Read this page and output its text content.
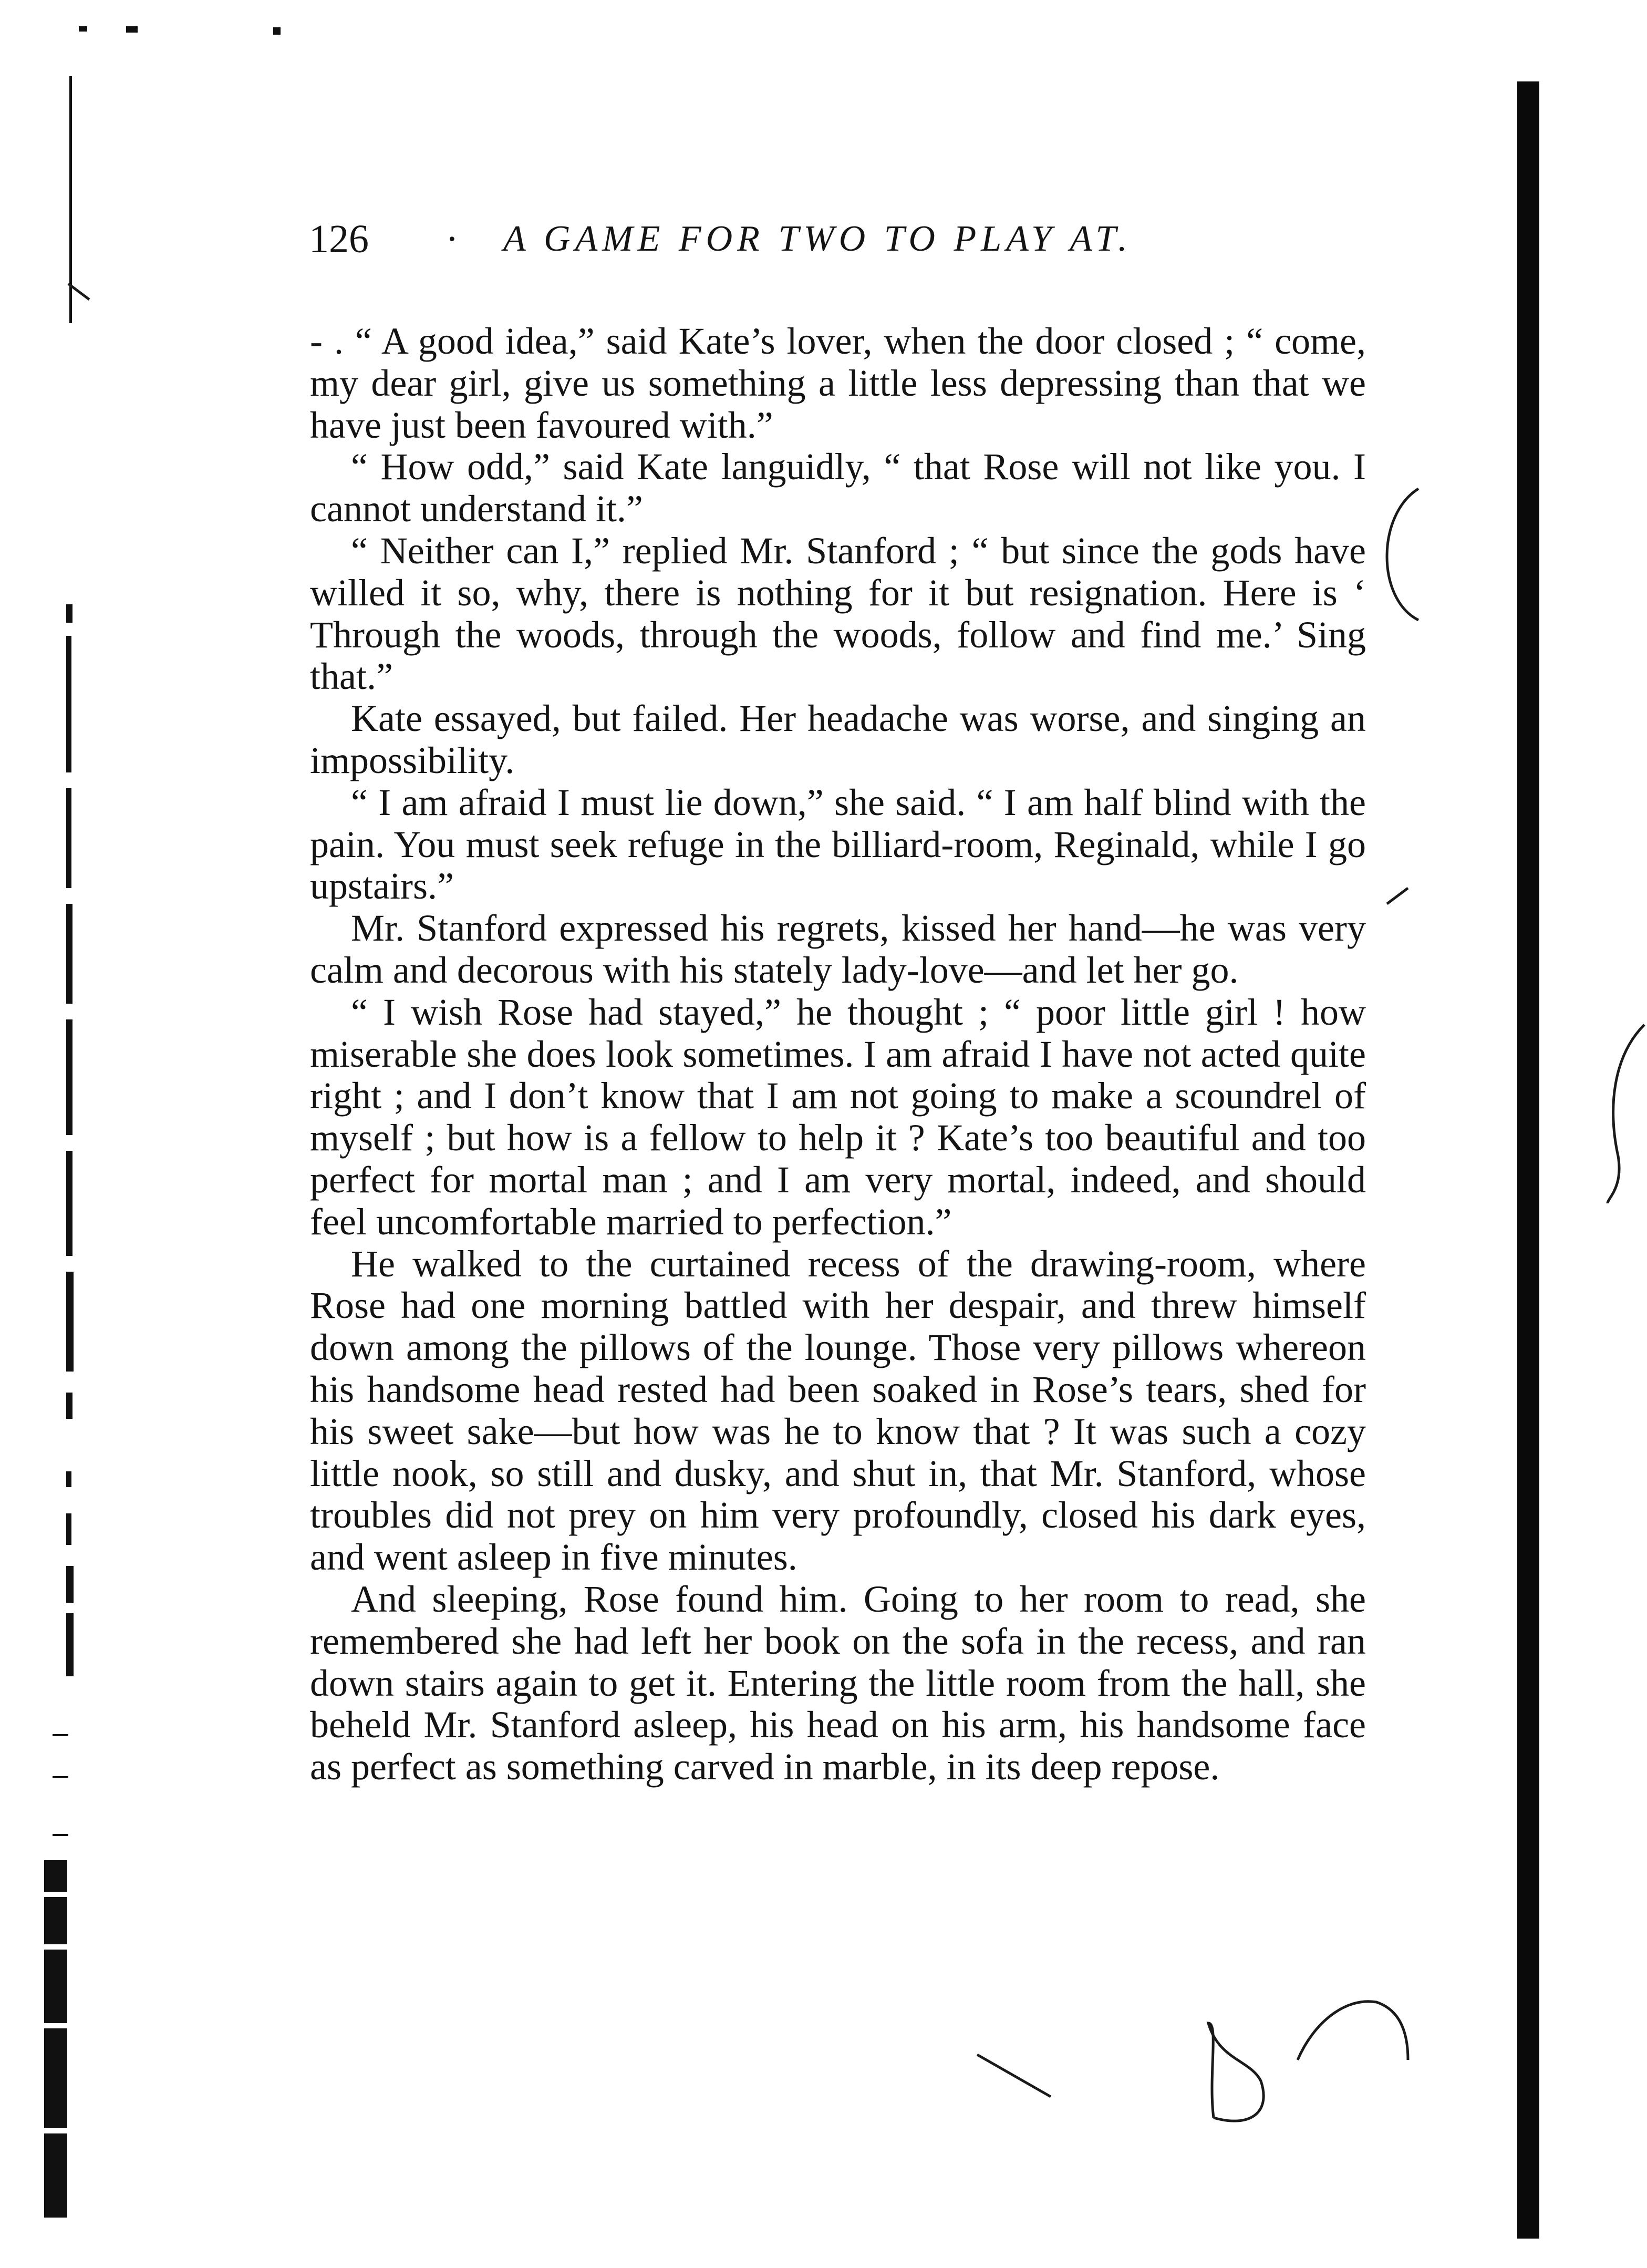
126 · A GAME FOR TWO TO PLAY AT.

- . “ A good idea,” said Kate’s lover, when the door closed ; “ come, my dear girl, give us something a little less depressing than that we have just been favoured with.”

“ How odd,” said Kate languidly, “ that Rose will not like you. I cannot understand it.”

“ Neither can I,” replied Mr. Stanford ; “ but since the gods have willed it so, why, there is nothing for it but resignation. Here is ‘ Through the woods, through the woods, follow and find me.’ Sing that.”

Kate essayed, but failed. Her headache was worse, and singing an impossibility.

“ I am afraid I must lie down,” she said. “ I am half blind with the pain. You must seek refuge in the billiard-room, Reginald, while I go upstairs.”

Mr. Stanford expressed his regrets, kissed her hand—he was very calm and decorous with his stately lady-love—and let her go.

“ I wish Rose had stayed,” he thought ; “ poor little girl ! how miserable she does look sometimes. I am afraid I have not acted quite right ; and I don’t know that I am not going to make a scoundrel of myself ; but how is a fellow to help it ? Kate’s too beautiful and too perfect for mortal man ; and I am very mortal, indeed, and should feel uncomfortable married to perfection.”

He walked to the curtained recess of the drawing-room, where Rose had one morning battled with her despair, and threw himself down among the pillows of the lounge. Those very pillows whereon his handsome head rested had been soaked in Rose’s tears, shed for his sweet sake—but how was he to know that ? It was such a cozy little nook, so still and dusky, and shut in, that Mr. Stanford, whose troubles did not prey on him very profoundly, closed his dark eyes, and went asleep in five minutes.

And sleeping, Rose found him. Going to her room to read, she remembered she had left her book on the sofa in the recess, and ran down stairs again to get it. Entering the little room from the hall, she beheld Mr. Stanford asleep, his head on his arm, his handsome face as perfect as something carved in marble, in its deep repose.
